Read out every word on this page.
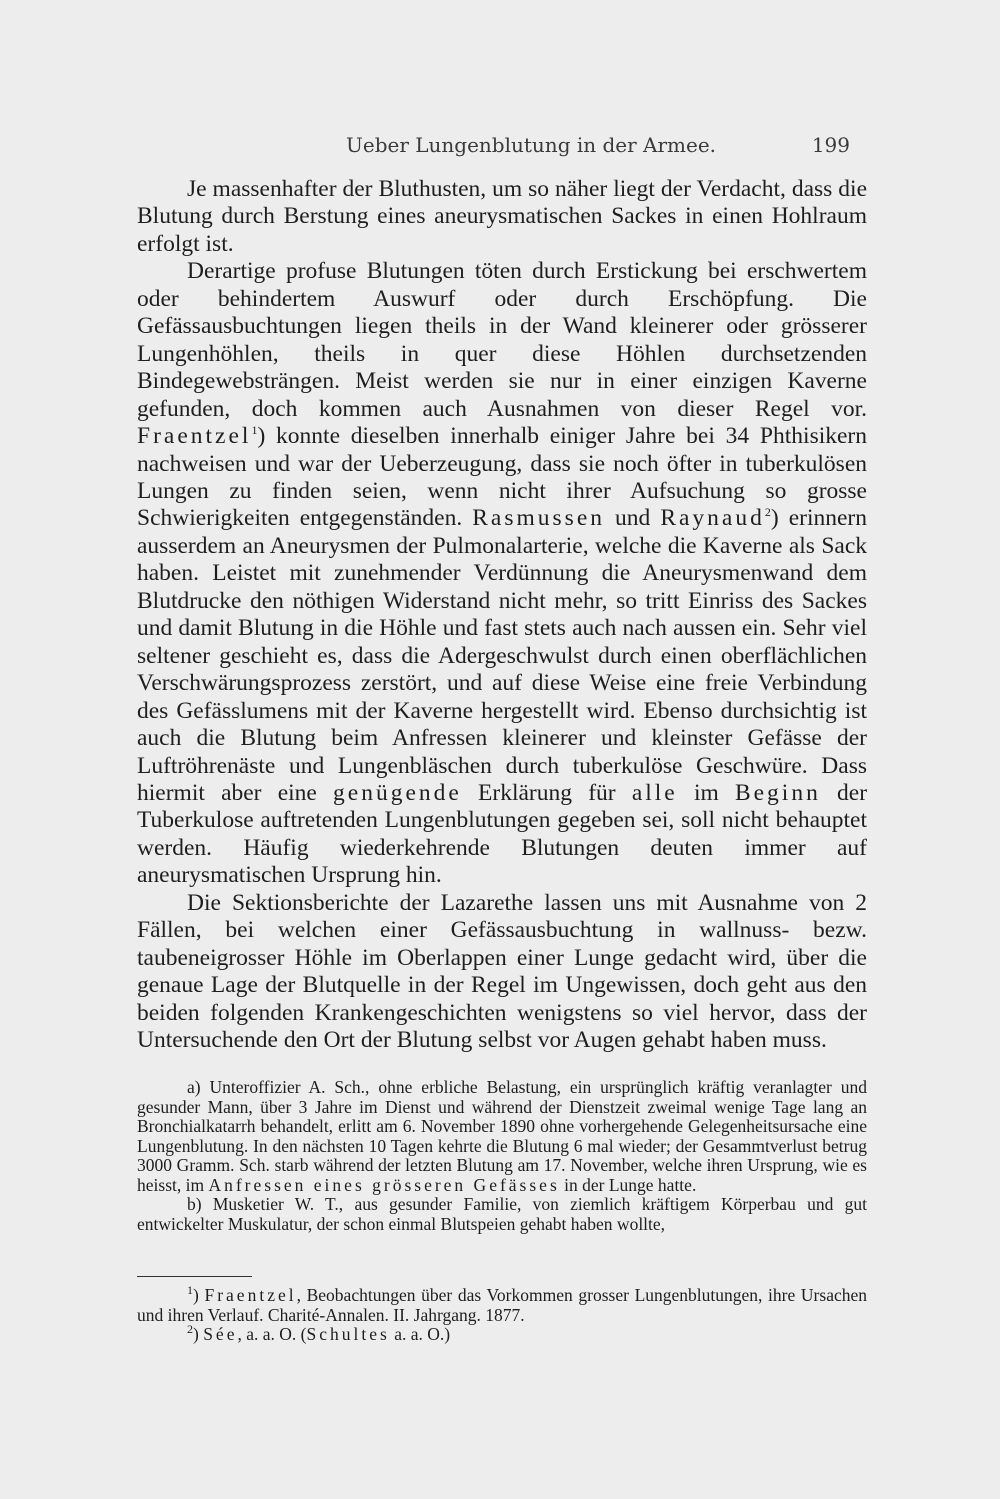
Ueber Lungenblutung in der Armee.	199

Je massenhafter der Bluthusten, um so näher liegt der Verdacht, dass die Blutung durch Berstung eines aneurysmatischen Sackes in einen Hohlraum erfolgt ist.

Derartige profuse Blutungen töten durch Erstickung bei erschwertem oder behindertem Auswurf oder durch Erschöpfung. Die Gefässausbuchtungen liegen theils in der Wand kleinerer oder grösserer Lungenhöhlen, theils in quer diese Höhlen durchsetzenden Bindegewebsträngen. Meist werden sie nur in einer einzigen Kaverne gefunden, doch kommen auch Ausnahmen von dieser Regel vor. Fraentzel$^1$) konnte dieselben innerhalb einiger Jahre bei 34 Phthisikern nachweisen und war der Ueberzeugung, dass sie noch öfter in tuberkulösen Lungen zu finden seien, wenn nicht ihrer Aufsuchung so grosse Schwierigkeiten entgegenständen. Rasmussen und Raynaud$^2$) erinnern ausserdem an Aneurysmen der Pulmonalarterie, welche die Kaverne als Sack haben. Leistet mit zunehmender Verdünnung die Aneurysmenwand dem Blutdrucke den nöthigen Widerstand nicht mehr, so tritt Einriss des Sackes und damit Blutung in die Höhle und fast stets auch nach aussen ein. Sehr viel seltener geschieht es, dass die Adergeschwulst durch einen oberflächlichen Verschwärungsprozess zerstört, und auf diese Weise eine freie Verbindung des Gefässlumens mit der Kaverne hergestellt wird. Ebenso durchsichtig ist auch die Blutung beim Anfressen kleinerer und kleinster Gefässe der Luftröhrenäste und Lungenbläschen durch tuberkulöse Geschwüre. Dass hiermit aber eine genügende Erklärung für alle im Beginn der Tuberkulose auftretenden Lungenblutungen gegeben sei, soll nicht behauptet werden. Häufig wiederkehrende Blutungen deuten immer auf aneurysmatischen Ursprung hin.

Die Sektionsberichte der Lazarethe lassen uns mit Ausnahme von 2 Fällen, bei welchen einer Gefässausbuchtung in wallnuss- bezw. taubeneigrosser Höhle im Oberlappen einer Lunge gedacht wird, über die genaue Lage der Blutquelle in der Regel im Ungewissen, doch geht aus den beiden folgenden Krankengeschichten wenigstens so viel hervor, dass der Untersuchende den Ort der Blutung selbst vor Augen gehabt haben muss.

a) Unteroffizier A. Sch., ohne erbliche Belastung, ein ursprünglich kräftig veranlagter und gesunder Mann, über 3 Jahre im Dienst und während der Dienstzeit zweimal wenige Tage lang an Bronchialkatarrh behandelt, erlitt am 6. November 1890 ohne vorhergehende Gelegenheitsursache eine Lungenblutung. In den nächsten 10 Tagen kehrte die Blutung 6 mal wieder; der Gesammtverlust betrug 3000 Gramm. Sch. starb während der letzten Blutung am 17. November, welche ihren Ursprung, wie es heisst, im Anfressen eines grösseren Gefässes in der Lunge hatte.

b) Musketier W. T., aus gesunder Familie, von ziemlich kräftigem Körperbau und gut entwickelter Muskulatur, der schon einmal Blutspeien gehabt haben wollte,

$^1$) Fraentzel, Beobachtungen über das Vorkommen grosser Lungenblutungen, ihre Ursachen und ihren Verlauf. Charité-Annalen. II. Jahrgang. 1877.

$^2$) Sée, a. a. O. (Schultes a. a. O.)
